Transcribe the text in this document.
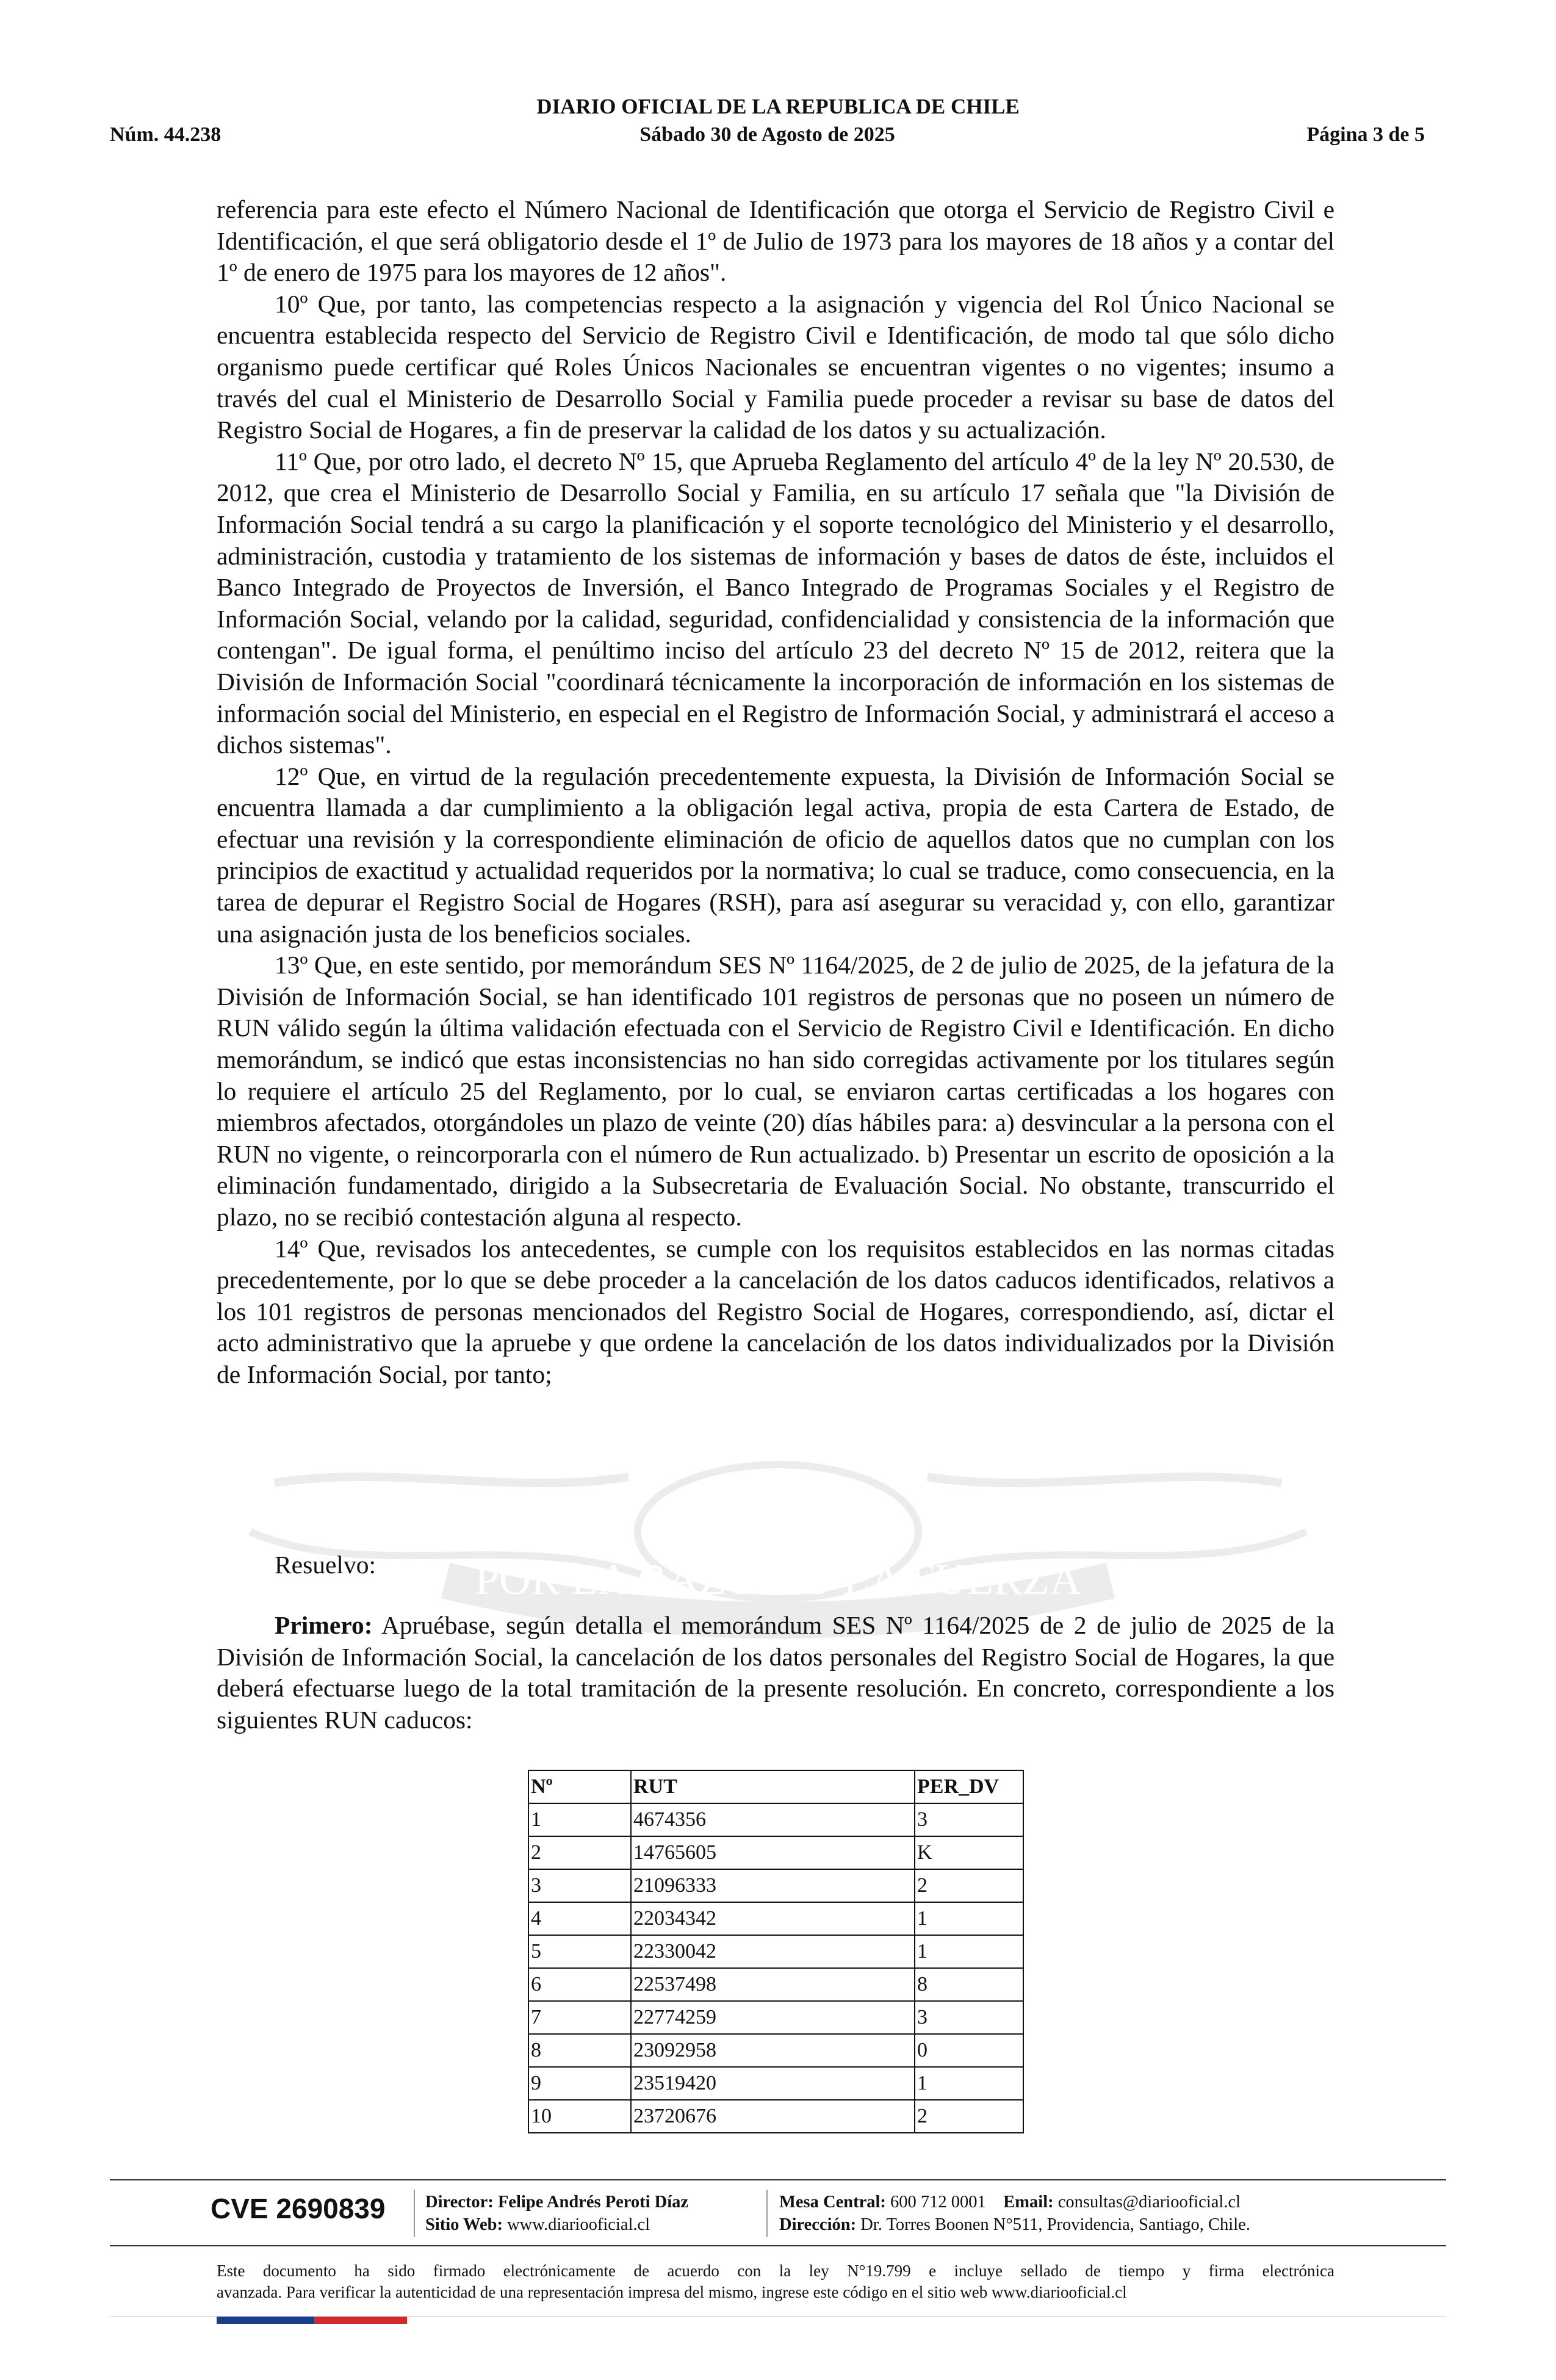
DIARIO OFICIAL DE LA REPUBLICA DE CHILE
Sábado 30 de Agosto de 2025
Núm. 44.238	Página 3 de 5
POR LA RAZON O LA FUERZA

referencia para este efecto el Número Nacional de Identificación que otorga el Servicio de Registro Civil e Identificación, el que será obligatorio desde el 1º de Julio de 1973 para los mayores de 18 años y a contar del 1º de enero de 1975 para los mayores de 12 años".

10º Que, por tanto, las competencias respecto a la asignación y vigencia del Rol Único Nacional se encuentra establecida respecto del Servicio de Registro Civil e Identificación, de modo tal que sólo dicho organismo puede certificar qué Roles Únicos Nacionales se encuentran vigentes o no vigentes; insumo a través del cual el Ministerio de Desarrollo Social y Familia puede proceder a revisar su base de datos del Registro Social de Hogares, a fin de preservar la calidad de los datos y su actualización.

11º Que, por otro lado, el decreto Nº 15, que Aprueba Reglamento del artículo 4º de la ley Nº 20.530, de 2012, que crea el Ministerio de Desarrollo Social y Familia, en su artículo 17 señala que "la División de Información Social tendrá a su cargo la planificación y el soporte tecnológico del Ministerio y el desarrollo, administración, custodia y tratamiento de los sistemas de información y bases de datos de éste, incluidos el Banco Integrado de Proyectos de Inversión, el Banco Integrado de Programas Sociales y el Registro de Información Social, velando por la calidad, seguridad, confidencialidad y consistencia de la información que contengan". De igual forma, el penúltimo inciso del artículo 23 del decreto Nº 15 de 2012, reitera que la División de Información Social "coordinará técnicamente la incorporación de información en los sistemas de información social del Ministerio, en especial en el Registro de Información Social, y administrará el acceso a dichos sistemas".

12º Que, en virtud de la regulación precedentemente expuesta, la División de Información Social se encuentra llamada a dar cumplimiento a la obligación legal activa, propia de esta Cartera de Estado, de efectuar una revisión y la correspondiente eliminación de oficio de aquellos datos que no cumplan con los principios de exactitud y actualidad requeridos por la normativa; lo cual se traduce, como consecuencia, en la tarea de depurar el Registro Social de Hogares (RSH), para así asegurar su veracidad y, con ello, garantizar una asignación justa de los beneficios sociales.

13º Que, en este sentido, por memorándum SES Nº 1164/2025, de 2 de julio de 2025, de la jefatura de la División de Información Social, se han identificado 101 registros de personas que no poseen un número de RUN válido según la última validación efectuada con el Servicio de Registro Civil e Identificación. En dicho memorándum, se indicó que estas inconsistencias no han sido corregidas activamente por los titulares según lo requiere el artículo 25 del Reglamento, por lo cual, se enviaron cartas certificadas a los hogares con miembros afectados, otorgándoles un plazo de veinte (20) días hábiles para: a) desvincular a la persona con el RUN no vigente, o reincorporarla con el número de Run actualizado. b) Presentar un escrito de oposición a la eliminación fundamentado, dirigido a la Subsecretaria de Evaluación Social. No obstante, transcurrido el plazo, no se recibió contestación alguna al respecto.

14º Que, revisados los antecedentes, se cumple con los requisitos establecidos en las normas citadas precedentemente, por lo que se debe proceder a la cancelación de los datos caducos identificados, relativos a los 101 registros de personas mencionados del Registro Social de Hogares, correspondiendo, así, dictar el acto administrativo que la apruebe y que ordene la cancelación de los datos individualizados por la División de Información Social, por tanto;

Resuelvo:
Primero: Apruébase, según detalla el memorándum SES Nº 1164/2025 de 2 de julio de 2025 de la División de Información Social, la cancelación de los datos personales del Registro Social de Hogares, la que deberá efectuarse luego de la total tramitación de la presente resolución. En concreto, correspondiente a los siguientes RUN caducos:
Nº	RUT	PER_DV
1	4674356	3
2	14765605	K
3	21096333	2
4	22034342	1
5	22330042	1
6	22537498	8
7	22774259	3
8	23092958	0
9	23519420	1
10	23720676	2
CVE 2690839 Director: Felipe Andrés Peroti Díaz
Sitio Web: www.diariooficial.cl
Mesa Central: 600 712 0001 Email: consultas@diariooficial.cl
Dirección: Dr. Torres Boonen N°511, Providencia, Santiago, Chile.
Este documento ha sido firmado electrónicamente de acuerdo con la ley N°19.799 e incluye sellado de tiempo y firma electrónica
avanzada. Para verificar la autenticidad de una representación impresa del mismo, ingrese este código en el sitio web www.diariooficial.cl
